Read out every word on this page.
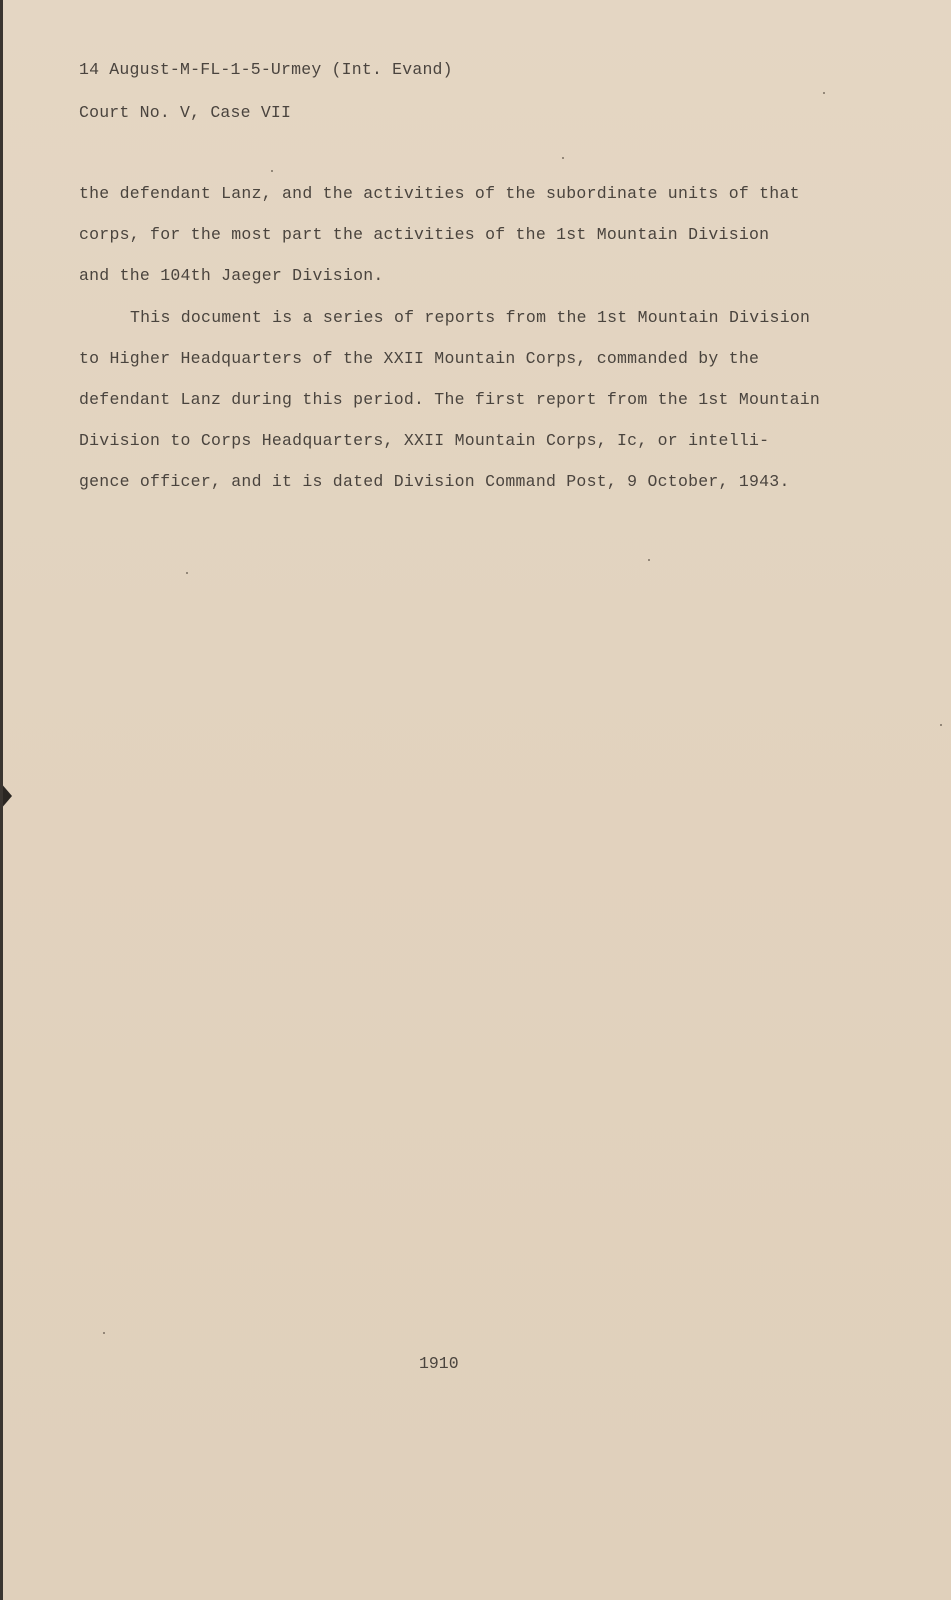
14 August-M-FL-1-5-Urmey (Int. Evand)
Court No. V, Case VII
the defendant Lanz, and the activities of the subordinate units of that
corps, for the most part the activities of the 1st Mountain Division
and the 104th Jaeger Division.
This document is a series of reports from the 1st Mountain Division
to Higher Headquarters of the XXII Mountain Corps, commanded by the
defendant Lanz during this period. The first report from the 1st Mountain
Division to Corps Headquarters, XXII Mountain Corps, Ic, or intelli-
gence officer, and it is dated Division Command Post, 9 October, 1943.
1910
